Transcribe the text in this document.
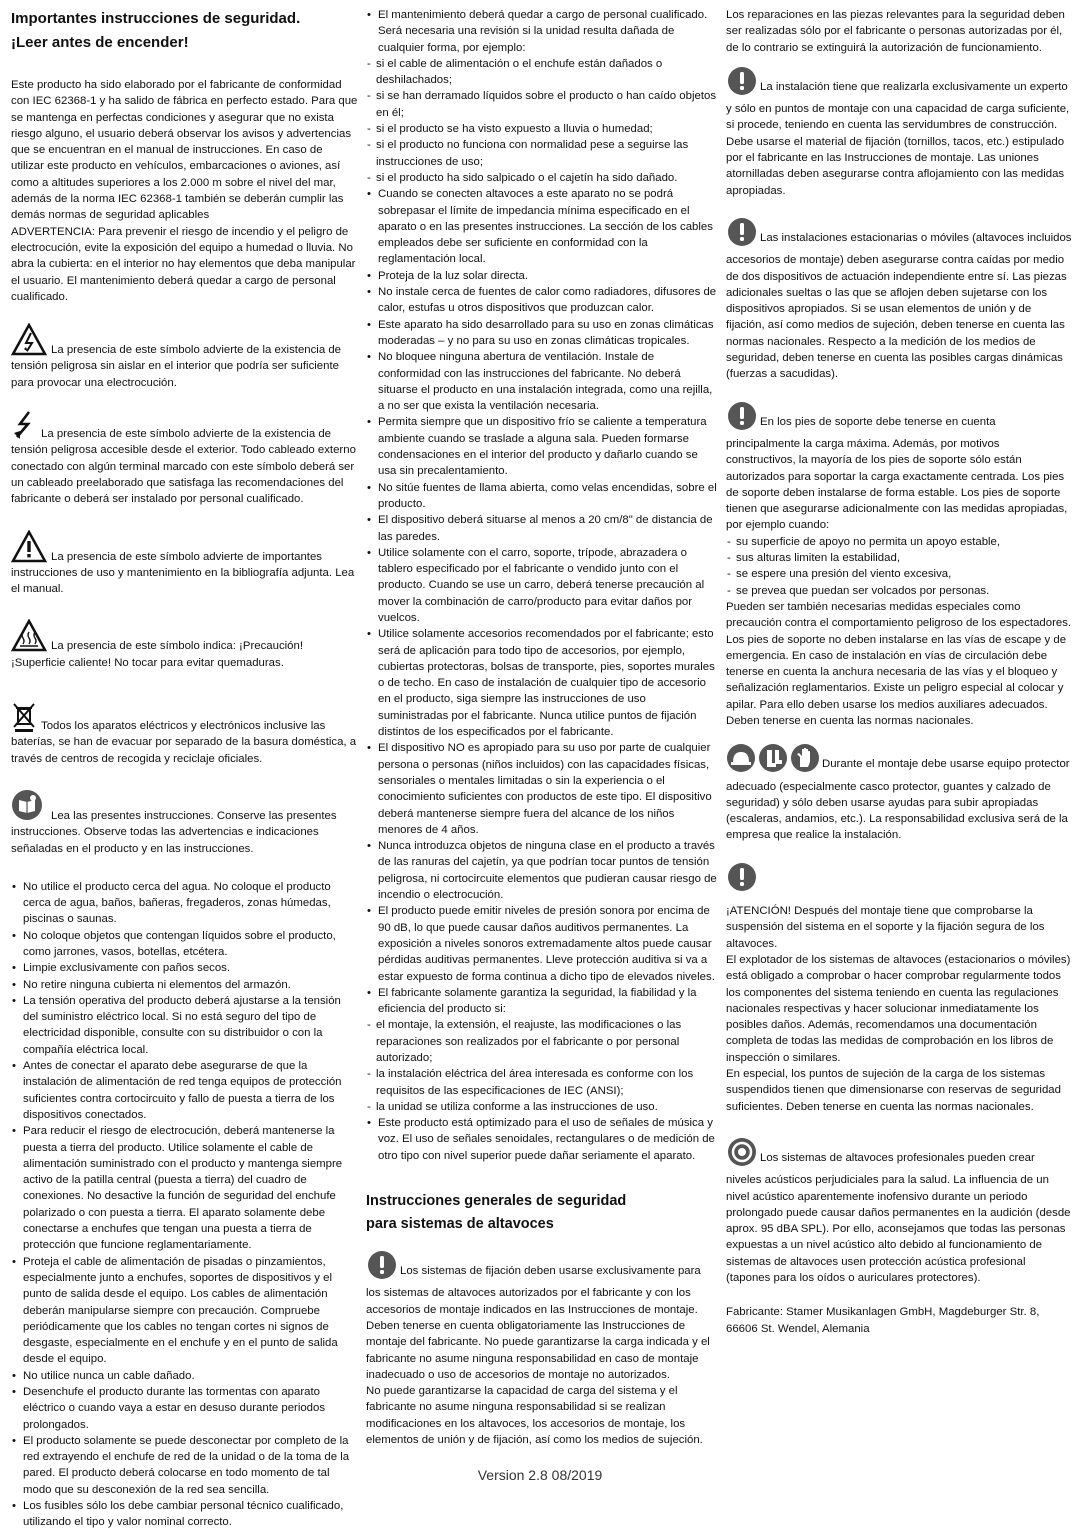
Importantes instrucciones de seguridad.

¡Leer antes de encender!

Este producto ha sido elaborado por el fabricante de conformidad con IEC 62368-1 y ha salido de fábrica en perfecto estado. Para que se mantenga en perfectas condiciones y asegurar que no exista riesgo alguno, el usuario deberá observar los avisos y advertencias que se encuentran en el manual de instrucciones. En caso de utilizar este producto en vehículos, embarcaciones o aviones, así como a altitudes superiores a los 2.000 m sobre el nivel del mar, además de la norma IEC 62368-1 también se deberán cumplir las demás normas de seguridad aplicables

ADVERTENCIA: Para prevenir el riesgo de incendio y el peligro de electrocución, evite la exposición del equipo a humedad o lluvia. No abra la cubierta: en el interior no hay elementos que deba manipular el usuario. El mantenimiento deberá quedar a cargo de personal cualificado.

La presencia de este símbolo advierte de la existencia de tensión peligrosa sin aislar en el interior que podría ser suficiente para provocar una electrocución.

La presencia de este símbolo advierte de la existencia de tensión peligrosa accesible desde el exterior. Todo cableado externo conectado con algún terminal marcado con este símbolo deberá ser un cableado preelaborado que satisfaga las recomendaciones del fabricante o deberá ser instalado por personal cualificado.

La presencia de este símbolo advierte de importantes instrucciones de uso y mantenimiento en la bibliografía adjunta. Lea el manual.

La presencia de este símbolo indica: ¡Precaución! ¡Superficie caliente! No tocar para evitar quemaduras.

Todos los aparatos eléctricos y electrónicos inclusive las baterías, se han de evacuar por separado de la basura doméstica, a través de centros de recogida y reciclaje oficiales.

Lea las presentes instrucciones. Conserve las presentes instrucciones. Observe todas las advertencias e indicaciones señaladas en el producto y en las instrucciones.

• No utilice el producto cerca del agua. No coloque el producto cerca de agua, baños, bañeras, fregaderos, zonas húmedas, piscinas o saunas.
• No coloque objetos que contengan líquidos sobre el producto, como jarrones, vasos, botellas, etcétera.
• Limpie exclusivamente con paños secos.
• No retire ninguna cubierta ni elementos del armazón.
• La tensión operativa del producto deberá ajustarse a la tensión del suministro eléctrico local. Si no está seguro del tipo de electricidad disponible, consulte con su distribuidor o con la compañía eléctrica local.
• Antes de conectar el aparato debe asegurarse de que la instalación de alimentación de red tenga equipos de protección suficientes contra cortocircuito y fallo de puesta a tierra de los dispositivos conectados.
• Para reducir el riesgo de electrocución, deberá mantenerse la puesta a tierra del producto. Utilice solamente el cable de alimentación suministrado con el producto y mantenga siempre activo de la patilla central (puesta a tierra) del cuadro de conexiones. No desactive la función de seguridad del enchufe polarizado o con puesta a tierra. El aparato solamente debe conectarse a enchufes que tengan una puesta a tierra de protección que funcione reglamentariamente.
• Proteja el cable de alimentación de pisadas o pinzamientos, especialmente junto a enchufes, soportes de dispositivos y el punto de salida desde el equipo. Los cables de alimentación deberán manipularse siempre con precaución. Compruebe periódicamente que los cables no tengan cortes ni signos de desgaste, especialmente en el enchufe y en el punto de salida desde el equipo.
• No utilice nunca un cable dañado.
• Desenchufe el producto durante las tormentas con aparato eléctrico o cuando vaya a estar en desuso durante periodos prolongados.
• El producto solamente se puede desconectar por completo de la red extrayendo el enchufe de red de la unidad o de la toma de la pared. El producto deberá colocarse en todo momento de tal modo que su desconexión de la red sea sencilla.
• Los fusibles sólo los debe cambiar personal técnico cualificado, utilizando el tipo y valor nominal correcto.
• El mantenimiento deberá quedar a cargo de personal cualificado. Será necesaria una revisión si la unidad resulta dañada de cualquier forma, por ejemplo:
- si el cable de alimentación o el enchufe están dañados o deshilachados;
- si se han derramado líquidos sobre el producto o han caído objetos en él;
- si el producto se ha visto expuesto a lluvia o humedad;
- si el producto no funciona con normalidad pese a seguirse las instrucciones de uso;
- si el producto ha sido salpicado o el cajetín ha sido dañado.
• Cuando se conecten altavoces a este aparato no se podrá sobrepasar el límite de impedancia mínima especificado en el aparato o en las presentes instrucciones. La sección de los cables empleados debe ser suficiente en conformidad con la reglamentación local.
• Proteja de la luz solar directa.
• No instale cerca de fuentes de calor como radiadores, difusores de calor, estufas u otros dispositivos que produzcan calor.
• Este aparato ha sido desarrollado para su uso en zonas climáticas moderadas – y no para su uso en zonas climáticas tropicales.
• No bloquee ninguna abertura de ventilación. Instale de conformidad con las instrucciones del fabricante. No deberá situarse el producto en una instalación integrada, como una rejilla, a no ser que exista la ventilación necesaria.
• Permita siempre que un dispositivo frío se caliente a temperatura ambiente cuando se traslade a alguna sala. Pueden formarse condensaciones en el interior del producto y dañarlo cuando se usa sin precalentamiento.
• No sitúe fuentes de llama abierta, como velas encendidas, sobre el producto.
• El dispositivo deberá situarse al menos a 20 cm/8" de distancia de las paredes.
• Utilice solamente con el carro, soporte, trípode, abrazadera o tablero especificado por el fabricante o vendido junto con el producto. Cuando se use un carro, deberá tenerse precaución al mover la combinación de carro/producto para evitar daños por vuelcos.
• Utilice solamente accesorios recomendados por el fabricante; esto será de aplicación para todo tipo de accesorios, por ejemplo, cubiertas protectoras, bolsas de transporte, pies, soportes murales o de techo. En caso de instalación de cualquier tipo de accesorio en el producto, siga siempre las instrucciones de uso suministradas por el fabricante. Nunca utilice puntos de fijación distintos de los especificados por el fabricante.
• El dispositivo NO es apropiado para su uso por parte de cualquier persona o personas (niños incluidos) con las capacidades físicas, sensoriales o mentales limitadas o sin la experiencia o el conocimiento suficientes con productos de este tipo. El dispositivo deberá mantenerse siempre fuera del alcance de los niños menores de 4 años.
• Nunca introduzca objetos de ninguna clase en el producto a través de las ranuras del cajetín, ya que podrían tocar puntos de tensión peligrosa, ni cortocircuite elementos que pudieran causar riesgo de incendio o electrocución.
• El producto puede emitir niveles de presión sonora por encima de 90 dB, lo que puede causar daños auditivos permanentes. La exposición a niveles sonoros extremadamente altos puede causar pérdidas auditivas permanentes. Lleve protección auditiva si va a estar expuesto de forma continua a dicho tipo de elevados niveles.
• El fabricante solamente garantiza la seguridad, la fiabilidad y la eficiencia del producto si:
- el montaje, la extensión, el reajuste, las modificaciones o las reparaciones son realizados por el fabricante o por personal autorizado;
- la instalación eléctrica del área interesada es conforme con los requisitos de las especificaciones de IEC (ANSI);
- la unidad se utiliza conforme a las instrucciones de uso.
• Este producto está optimizado para el uso de señales de música y voz. El uso de señales senoidales, rectangulares o de medición de otro tipo con nivel superior puede dañar seriamente el aparato.

Instrucciones generales de seguridad

para sistemas de altavoces

Los sistemas de fijación deben usarse exclusivamente para los sistemas de altavoces autorizados por el fabricante y con los accesorios de montaje indicados en las Instrucciones de montaje. Deben tenerse en cuenta obligatoriamente las Instrucciones de montaje del fabricante. No puede garantizarse la carga indicada y el fabricante no asume ninguna responsabilidad en caso de montaje inadecuado o uso de accesorios de montaje no autorizados.

No puede garantizarse la capacidad de carga del sistema y el fabricante no asume ninguna responsabilidad si se realizan modificaciones en los altavoces, los accesorios de montaje, los elementos de unión y de fijación, así como los medios de sujeción.

Los reparaciones en las piezas relevantes para la seguridad deben ser realizadas sólo por el fabricante o personas autorizadas por él, de lo contrario se extinguirá la autorización de funcionamiento.

La instalación tiene que realizarla exclusivamente un experto y sólo en puntos de montaje con una capacidad de carga suficiente, si procede, teniendo en cuenta las servidumbres de construcción. Debe usarse el material de fijación (tornillos, tacos, etc.) estipulado por el fabricante en las Instrucciones de montaje. Las uniones atornilladas deben asegurarse contra aflojamiento con las medidas apropiadas.

Las instalaciones estacionarias o móviles (altavoces incluidos accesorios de montaje) deben asegurarse contra caídas por medio de dos dispositivos de actuación independiente entre sí. Las piezas adicionales sueltas o las que se aflojen deben sujetarse con los dispositivos apropiados. Si se usan elementos de unión y de fijación, así como medios de sujeción, deben tenerse en cuenta las normas nacionales. Respecto a la medición de los medios de seguridad, deben tenerse en cuenta las posibles cargas dinámicas (fuerzas a sacudidas).

En los pies de soporte debe tenerse en cuenta principalmente la carga máxima. Además, por motivos constructivos, la mayoría de los pies de soporte sólo están autorizados para soportar la carga exactamente centrada. Los pies de soporte deben instalarse de forma estable. Los pies de soporte tienen que asegurarse adicionalmente con las medidas apropiadas, por ejemplo cuando:

- su superficie de apoyo no permita un apoyo estable,
- sus alturas limiten la estabilidad,
- se espere una presión del viento excesiva,
- se prevea que puedan ser volcados por personas.

Pueden ser también necesarias medidas especiales como precaución contra el comportamiento peligroso de los espectadores. Los pies de soporte no deben instalarse en las vías de escape y de emergencia. En caso de instalación en vías de circulación debe tenerse en cuenta la anchura necesaria de las vías y el bloqueo y señalización reglamentarios. Existe un peligro especial al colocar y apilar. Para ello deben usarse los medios auxiliares adecuados. Deben tenerse en cuenta las normas nacionales.

Durante el montaje debe usarse equipo protector adecuado (especialmente casco protector, guantes y calzado de seguridad) y sólo deben usarse ayudas para subir apropiadas (escaleras, andamios, etc.). La responsabilidad exclusiva será de la empresa que realice la instalación.

¡ATENCIÓN! Después del montaje tiene que comprobarse la suspensión del sistema en el soporte y la fijación segura de los altavoces.

El explotador de los sistemas de altavoces (estacionarios o móviles) está obligado a comprobar o hacer comprobar regularmente todos los componentes del sistema teniendo en cuenta las regulaciones nacionales respectivas y hacer solucionar inmediatamente los posibles daños. Además, recomendamos una documentación completa de todas las medidas de comprobación en los libros de inspección o similares.

En especial, los puntos de sujeción de la carga de los sistemas suspendidos tienen que dimensionarse con reservas de seguridad suficientes. Deben tenerse en cuenta las normas nacionales.

Los sistemas de altavoces profesionales pueden crear niveles acústicos perjudiciales para la salud. La influencia de un nivel acústico aparentemente inofensivo durante un periodo prolongado puede causar daños permanentes en la audición (desde aprox. 95 dBA SPL). Por ello, aconsejamos que todas las personas expuestas a un nivel acústico alto debido al funcionamiento de sistemas de altavoces usen protección acústica profesional (tapones para los oídos o auriculares protectores).

Fabricante: Stamer Musikanlagen GmbH, Magdeburger Str. 8, 66606 St. Wendel, Alemania

Version 2.8 08/2019
